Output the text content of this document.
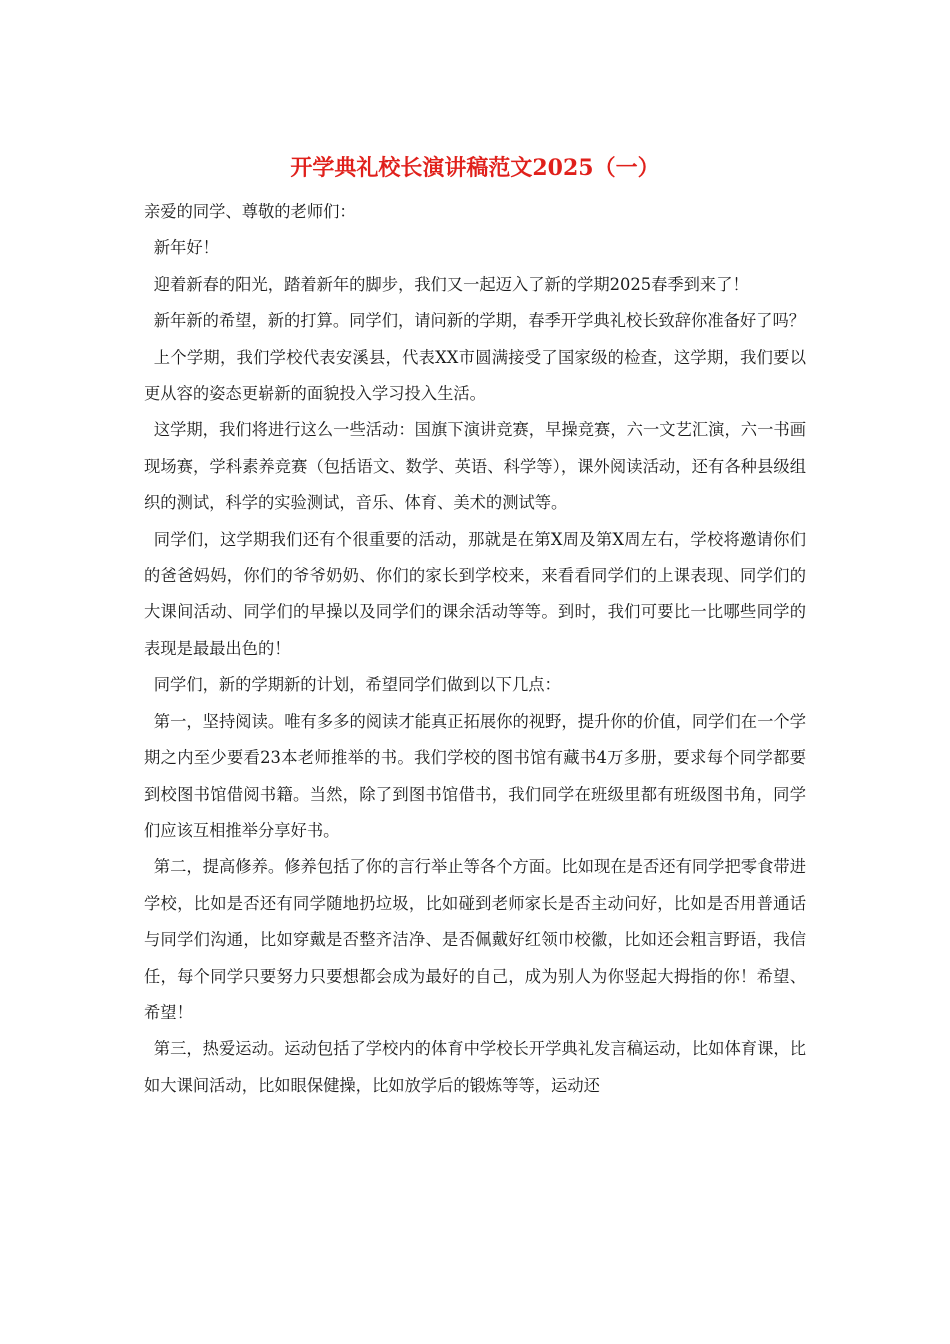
开学典礼校长演讲稿范文2025（一）

亲爱的同学、尊敬的老师们：

新年好！

迎着新春的阳光，踏着新年的脚步，我们又一起迈入了新的学期2025春季到来了！

新年新的希望，新的打算。同学们，请问新的学期，春季开学典礼校长致辞你准备好了吗？

上个学期，我们学校代表安溪县，代表XX市圆满接受了国家级的检查，这学期，我们要以更从容的姿态更崭新的面貌投入学习投入生活。

这学期，我们将进行这么一些活动：国旗下演讲竞赛，早操竞赛，六一文艺汇演，六一书画现场赛，学科素养竞赛（包括语文、数学、英语、科学等），课外阅读活动，还有各种县级组织的测试，科学的实验测试，音乐、体育、美术的测试等。

同学们，这学期我们还有个很重要的活动，那就是在第X周及第X周左右，学校将邀请你们的爸爸妈妈，你们的爷爷奶奶、你们的家长到学校来，来看看同学们的上课表现、同学们的大课间活动、同学们的早操以及同学们的课余活动等等。到时，我们可要比一比哪些同学的表现是最最出色的！

同学们，新的学期新的计划，希望同学们做到以下几点：

第一，坚持阅读。唯有多多的阅读才能真正拓展你的视野，提升你的价值，同学们在一个学期之内至少要看23本老师推举的书。我们学校的图书馆有藏书4万多册，要求每个同学都要到校图书馆借阅书籍。当然，除了到图书馆借书，我们同学在班级里都有班级图书角，同学们应该互相推举分享好书。

第二，提高修养。修养包括了你的言行举止等各个方面。比如现在是否还有同学把零食带进学校，比如是否还有同学随地扔垃圾，比如碰到老师家长是否主动问好，比如是否用普通话与同学们沟通，比如穿戴是否整齐洁净、是否佩戴好红领巾校徽，比如还会粗言野语，我信任，每个同学只要努力只要想都会成为最好的自己，成为别人为你竖起大拇指的你！希望、希望！

第三，热爱运动。运动包括了学校内的体育中学校长开学典礼发言稿运动，比如体育课，比如大课间活动，比如眼保健操，比如放学后的锻炼等等，运动还
